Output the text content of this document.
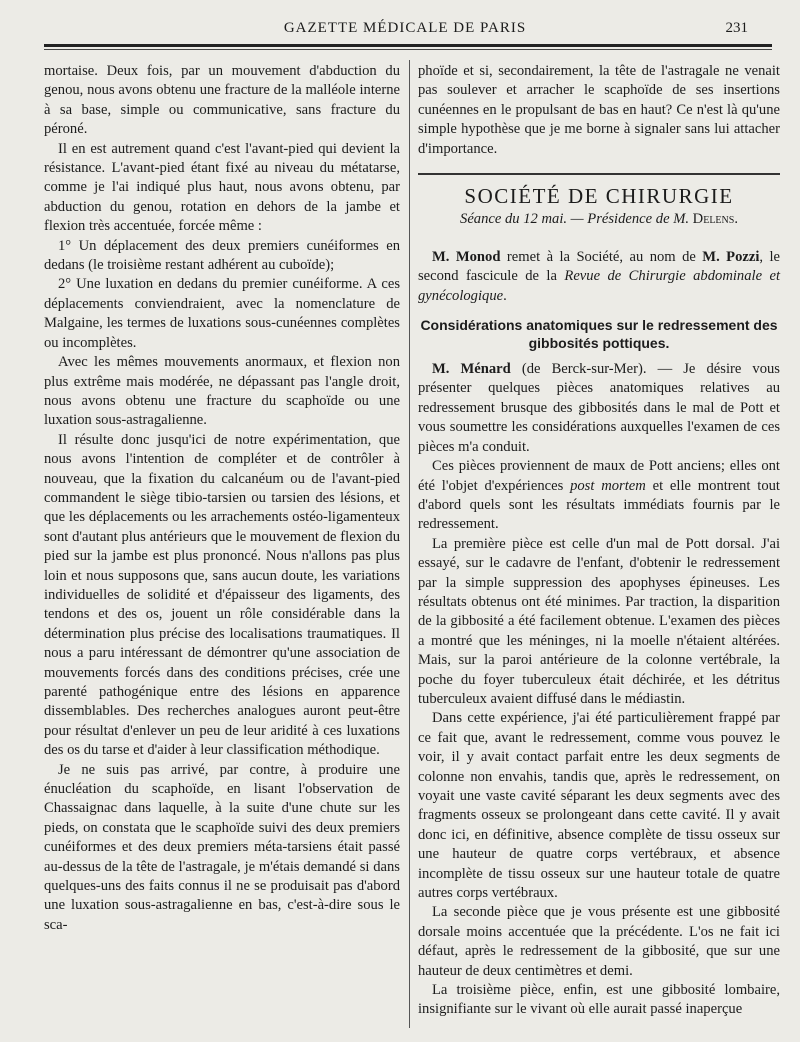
GAZETTE MÉDICALE DE PARIS	231

mortaise. Deux fois, par un mouvement d'abduction du genou, nous avons obtenu une fracture de la malléole interne à sa base, simple ou communicative, sans fracture du péroné.

Il en est autrement quand c'est l'avant-pied qui devient la résistance. L'avant-pied étant fixé au niveau du métatarse, comme je l'ai indiqué plus haut, nous avons obtenu, par abduction du genou, rotation en dehors de la jambe et flexion très accentuée, forcée même :

1° Un déplacement des deux premiers cunéiformes en dedans (le troisième restant adhérent au cuboïde);

2° Une luxation en dedans du premier cunéiforme. A ces déplacements conviendraient, avec la nomenclature de Malgaine, les termes de luxations sous-cunéennes complètes ou incomplètes.

Avec les mêmes mouvements anormaux, et flexion non plus extrême mais modérée, ne dépassant pas l'angle droit, nous avons obtenu une fracture du scaphoïde ou une luxation sous-astragalienne.

Il résulte donc jusqu'ici de notre expérimentation, que nous avons l'intention de compléter et de contrôler à nouveau, que la fixation du calcanéum ou de l'avant-pied commandent le siège tibio-tarsien ou tarsien des lésions, et que les déplacements ou les arrachements ostéo-ligamenteux sont d'autant plus antérieurs que le mouvement de flexion du pied sur la jambe est plus prononcé. Nous n'allons pas plus loin et nous supposons que, sans aucun doute, les variations individuelles de solidité et d'épaisseur des ligaments, des tendons et des os, jouent un rôle considérable dans la détermination plus précise des localisations traumatiques. Il nous a paru intéressant de démontrer qu'une association de mouvements forcés dans des conditions précises, crée une parenté pathogénique entre des lésions en apparence dissemblables. Des recherches analogues auront peut-être pour résultat d'enlever un peu de leur aridité à ces luxations des os du tarse et d'aider à leur classification méthodique.

Je ne suis pas arrivé, par contre, à produire une énucléation du scaphoïde, en lisant l'observation de Chassaignac dans laquelle, à la suite d'une chute sur les pieds, on constata que le scaphoïde suivi des deux premiers cunéiformes et des deux premiers méta-tarsiens était passé au-dessus de la tête de l'astragale, je m'étais demandé si dans quelques-uns des faits connus il ne se produisait pas d'abord une luxation sous-astragalienne en bas, c'est-à-dire sous le sca-

phoïde et si, secondairement, la tête de l'astragale ne venait pas soulever et arracher le scaphoïde de ses insertions cunéennes en le propulsant de bas en haut? Ce n'est là qu'une simple hypothèse que je me borne à signaler sans lui attacher d'importance.

SOCIÉTÉ DE CHIRURGIE
Séance du 12 mai. — Présidence de M. Delens.

M. Monod remet à la Société, au nom de M. Pozzi, le second fascicule de la Revue de Chirurgie abdominale et gynécologique.

Considérations anatomiques sur le redressement des gibbosités pottiques.

M. Ménard (de Berck-sur-Mer). — Je désire vous présenter quelques pièces anatomiques relatives au redressement brusque des gibbosités dans le mal de Pott et vous soumettre les considérations auxquelles l'examen de ces pièces m'a conduit.

Ces pièces proviennent de maux de Pott anciens; elles ont été l'objet d'expériences post mortem et elle montrent tout d'abord quels sont les résultats immédiats fournis par le redressement.

La première pièce est celle d'un mal de Pott dorsal. J'ai essayé, sur le cadavre de l'enfant, d'obtenir le redressement par la simple suppression des apophyses épineuses. Les résultats obtenus ont été minimes. Par traction, la disparition de la gibbosité a été facilement obtenue. L'examen des pièces a montré que les méninges, ni la moelle n'étaient altérées. Mais, sur la paroi antérieure de la colonne vertébrale, la poche du foyer tuberculeux était déchirée, et les détritus tuberculeux avaient diffusé dans le médiastin.

Dans cette expérience, j'ai été particulièrement frappé par ce fait que, avant le redressement, comme vous pouvez le voir, il y avait contact parfait entre les deux segments de colonne non envahis, tandis que, après le redressement, on voyait une vaste cavité séparant les deux segments avec des fragments osseux se prolongeant dans cette cavité. Il y avait donc ici, en définitive, absence complète de tissu osseux sur une hauteur de quatre corps vertébraux, et absence incomplète de tissu osseux sur une hauteur totale de quatre autres corps vertébraux.

La seconde pièce que je vous présente est une gibbosité dorsale moins accentuée que la précédente. L'os ne fait ici défaut, après le redressement de la gibbosité, que sur une hauteur de deux centimètres et demi.

La troisième pièce, enfin, est une gibbosité lombaire, insignifiante sur le vivant où elle aurait passé inaperçue
